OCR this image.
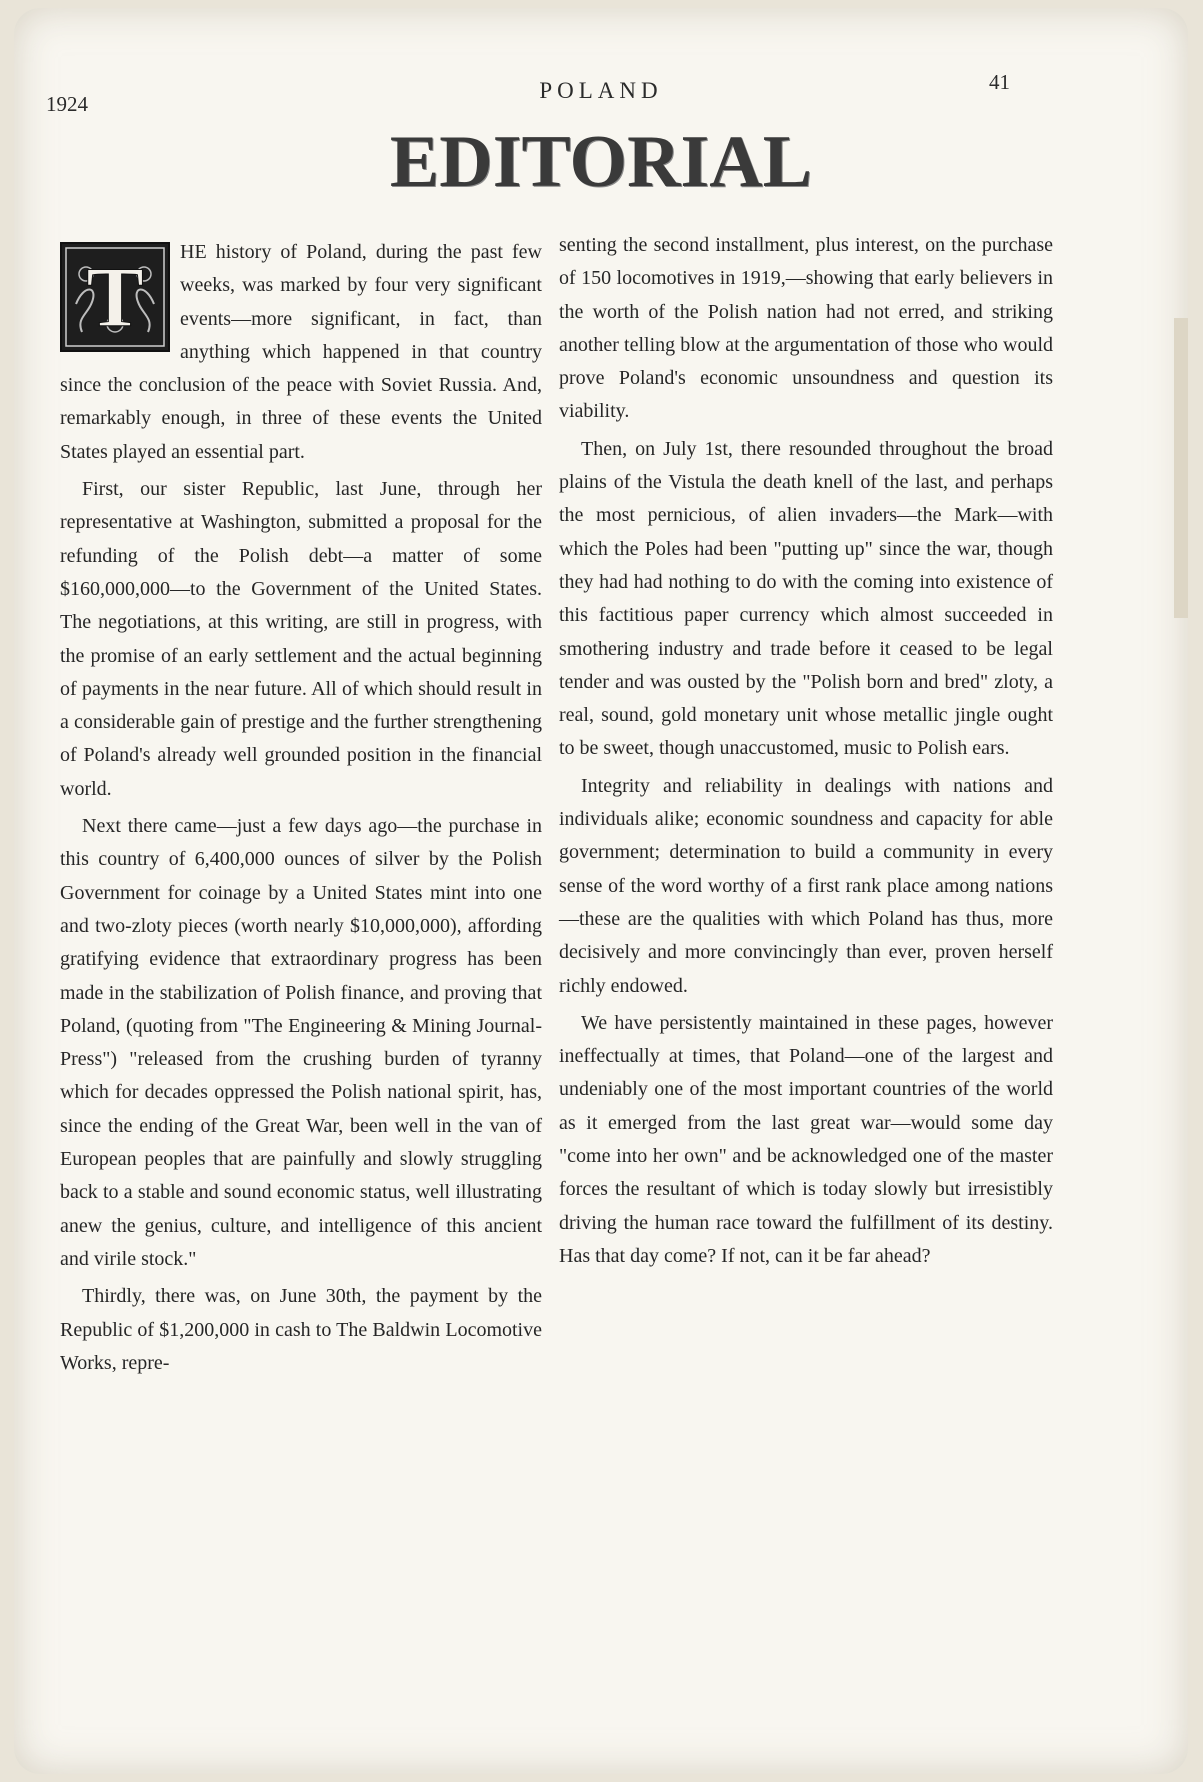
1924
POLAND	41
EDITORIAL

T HE history of Poland, during the past few weeks, was marked by four very significant events—more significant, in fact, than anything which happened in that country since the conclusion of the peace with Soviet Russia. And, remarkably enough, in three of these events the United States played an essential part.

First, our sister Republic, last June, through her representative at Washington, submitted a proposal for the refunding of the Polish debt—a matter of some $160,000,000—to the Government of the United States. The negotiations, at this writing, are still in progress, with the promise of an early settlement and the actual beginning of payments in the near future. All of which should result in a considerable gain of prestige and the further strengthening of Poland's already well grounded position in the financial world.

Next there came—just a few days ago—the purchase in this country of 6,400,000 ounces of silver by the Polish Government for coinage by a United States mint into one and two-zloty pieces (worth nearly $10,000,000), affording gratifying evidence that extraordinary progress has been made in the stabilization of Polish finance, and proving that Poland, (quoting from "The Engineering & Mining Journal-Press") "released from the crushing burden of tyranny which for decades oppressed the Polish national spirit, has, since the ending of the Great War, been well in the van of European peoples that are painfully and slowly struggling back to a stable and sound economic status, well illustrating anew the genius, culture, and intelligence of this ancient and virile stock."

Thirdly, there was, on June 30th, the payment by the Republic of $1,200,000 in cash to The Baldwin Locomotive Works, repre-

senting the second installment, plus interest, on the purchase of 150 locomotives in 1919,—showing that early believers in the worth of the Polish nation had not erred, and striking another telling blow at the argumentation of those who would prove Poland's economic unsoundness and question its viability.

Then, on July 1st, there resounded throughout the broad plains of the Vistula the death knell of the last, and perhaps the most pernicious, of alien invaders—the Mark—with which the Poles had been "putting up" since the war, though they had had nothing to do with the coming into existence of this factitious paper currency which almost succeeded in smothering industry and trade before it ceased to be legal tender and was ousted by the "Polish born and bred" zloty, a real, sound, gold monetary unit whose metallic jingle ought to be sweet, though unaccustomed, music to Polish ears.

Integrity and reliability in dealings with nations and individuals alike; economic soundness and capacity for able government; determination to build a community in every sense of the word worthy of a first rank place among nations—these are the qualities with which Poland has thus, more decisively and more convincingly than ever, proven herself richly endowed.

We have persistently maintained in these pages, however ineffectually at times, that Poland—one of the largest and undeniably one of the most important countries of the world as it emerged from the last great war—would some day "come into her own" and be acknowledged one of the master forces the resultant of which is today slowly but irresistibly driving the human race toward the fulfillment of its destiny. Has that day come? If not, can it be far ahead?
